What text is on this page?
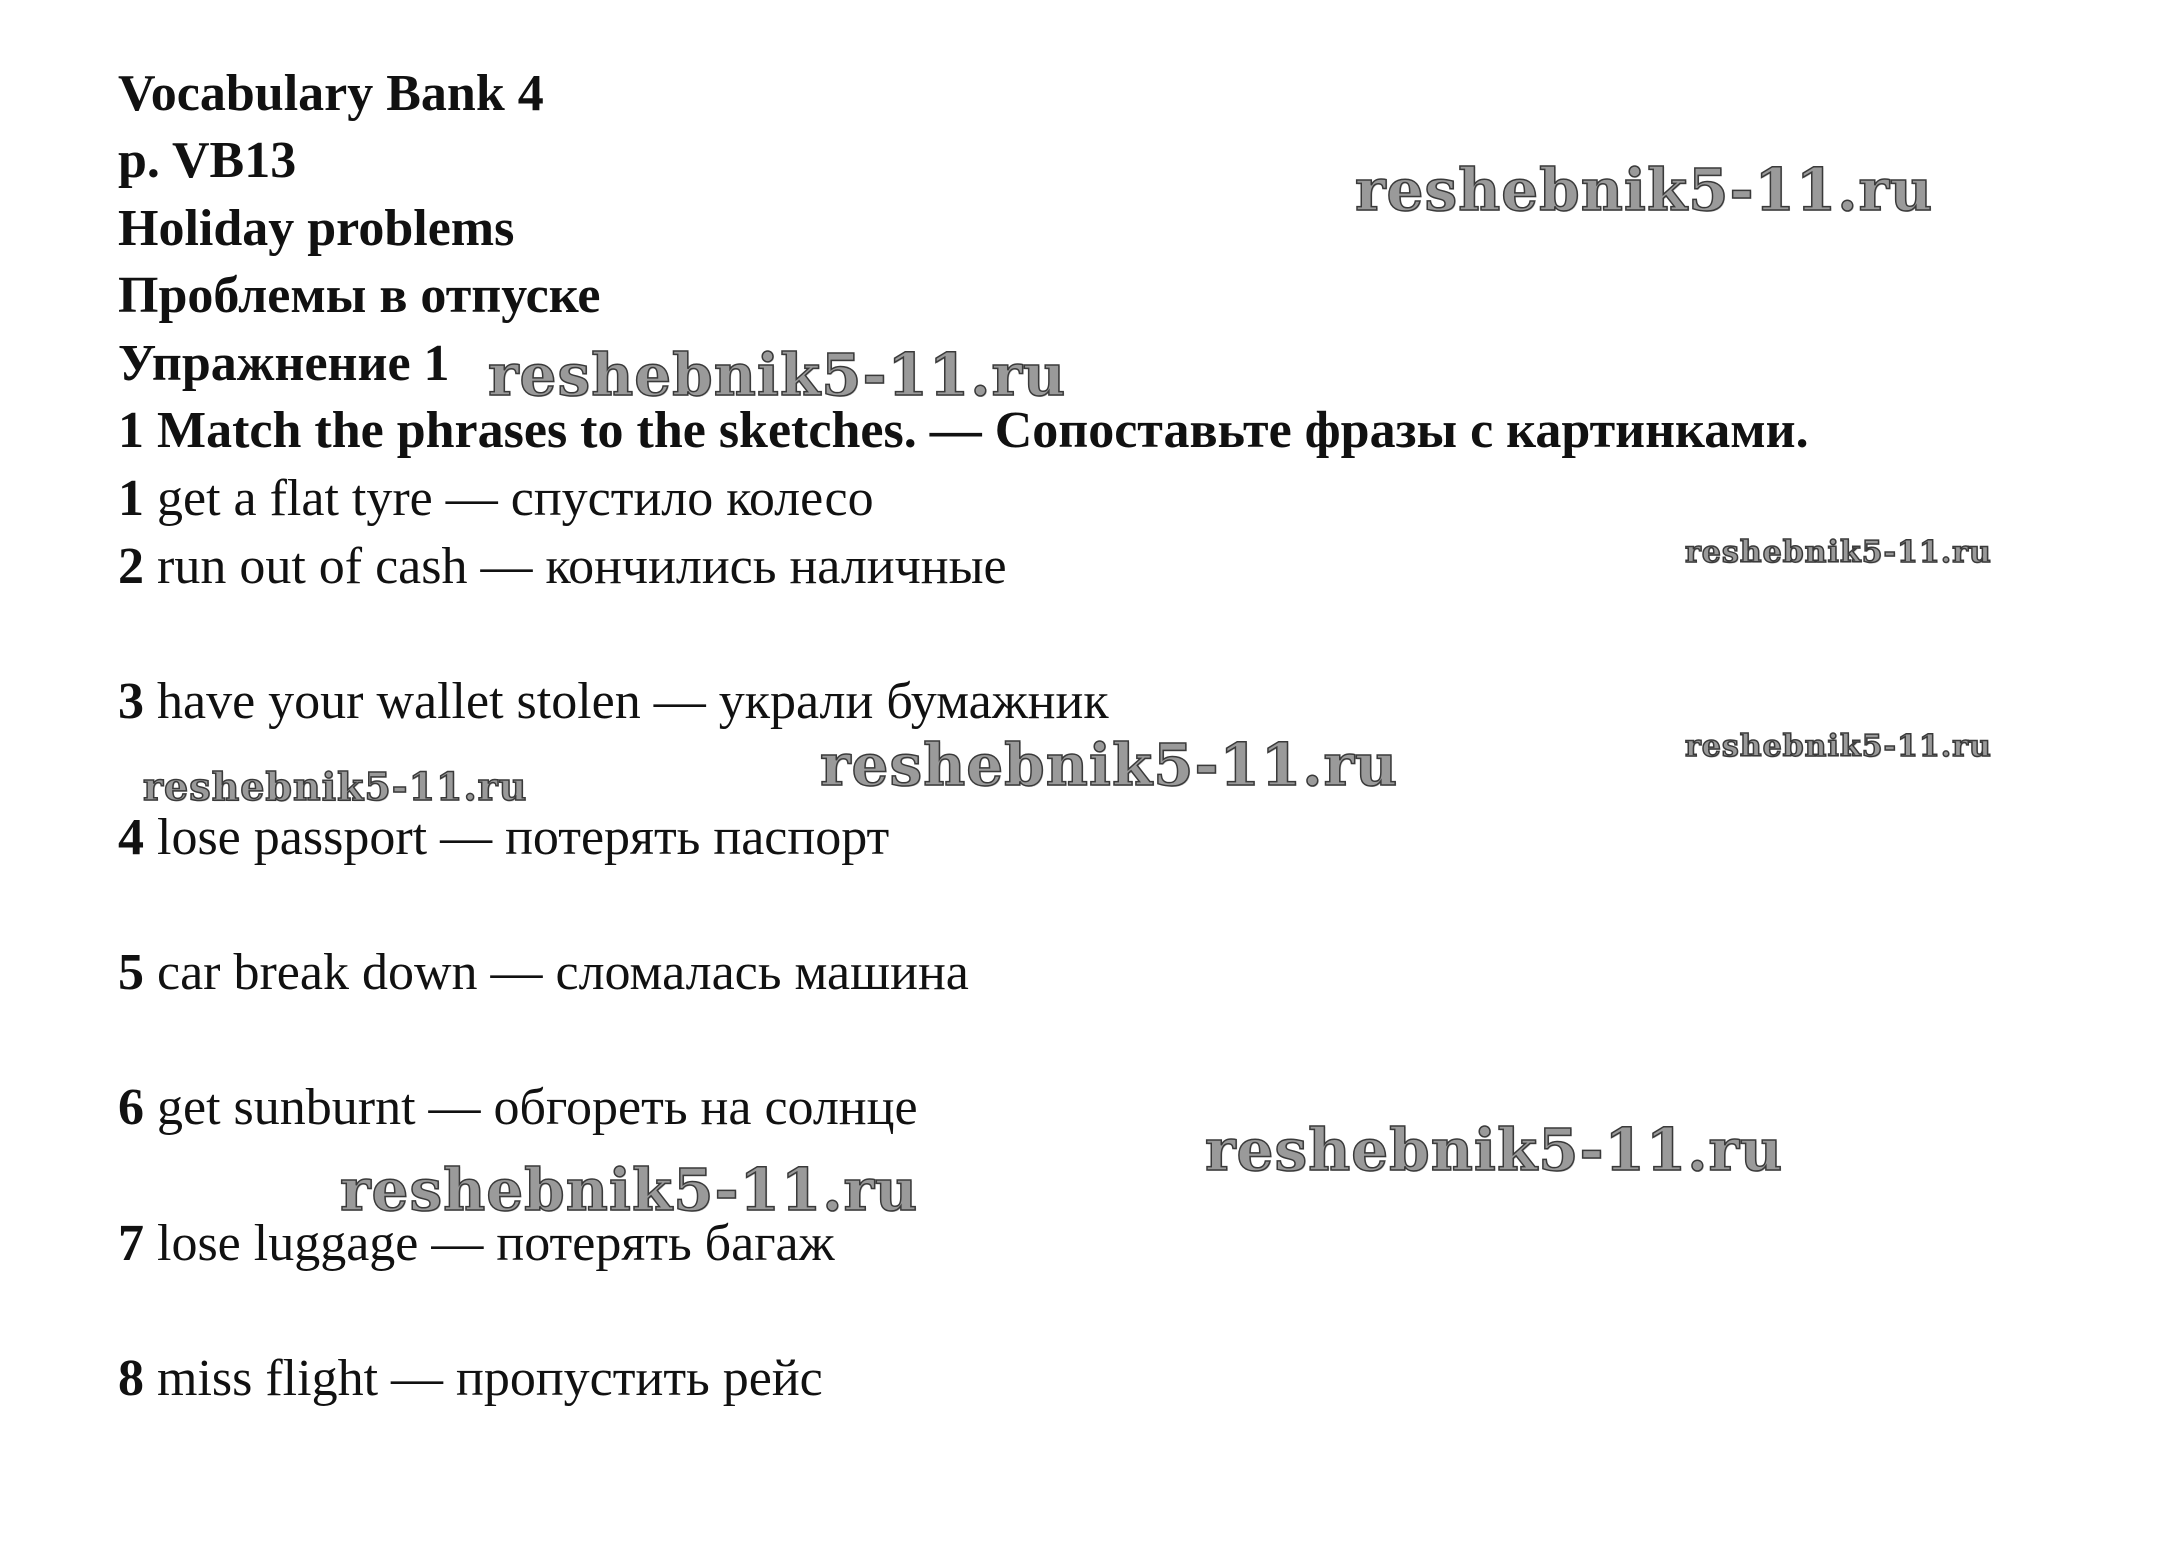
Vocabulary Bank 4
p. VB13
Holiday problems
Проблемы в отпуске
Упражнение 1
1 Match the phrases to the sketches. — Сопоставьте фразы с картинками.
1 get a flat tyre — спустило колесо
2 run out of cash — кончились наличные
3 have your wallet stolen — украли бумажник
4 lose passport — потерять паспорт
5 car break down — сломалась машина
6 get sunburnt — обгореть на солнце
7 lose luggage — потерять багаж
8 miss flight — пропустить рейс
reshebnik5-11.ru
reshebnik5-11.ru
reshebnik5-11.ru
reshebnik5-11.ru
reshebnik5-11.ru	reshebnik5-11.ru
reshebnik5-11.ru
reshebnik5-11.ru
